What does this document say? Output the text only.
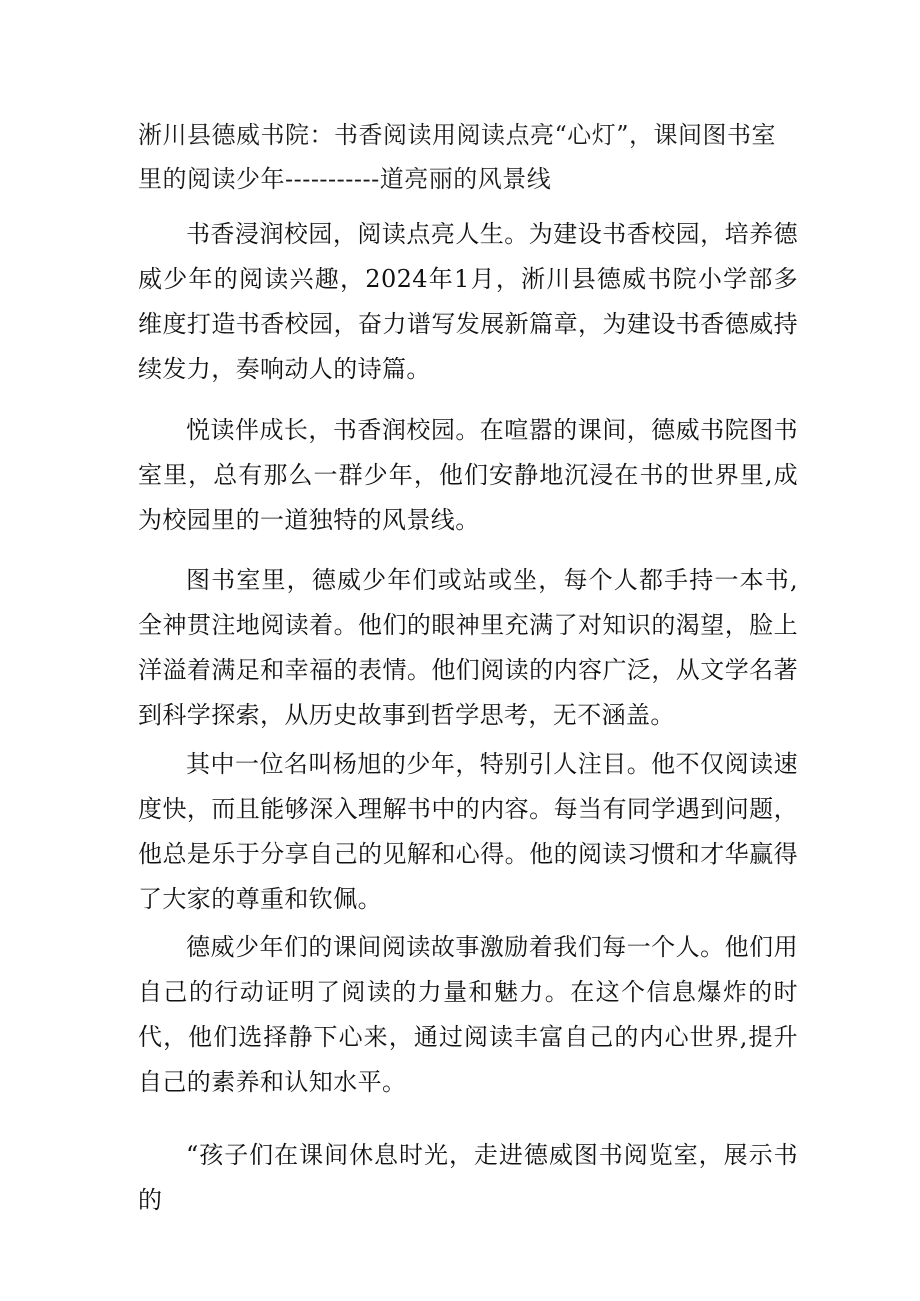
淅川县德威书院：书香阅读用阅读点亮“心灯”，课间图书室里的阅读少年-----------道亮丽的风景线

书香浸润校园，阅读点亮人生。为建设书香校园，培养德威少年的阅读兴趣，2024年1月，淅川县德威书院小学部多维度打造书香校园，奋力谱写发展新篇章，为建设书香德威持续发力，奏响动人的诗篇。

悦读伴成长，书香润校园。在喧嚣的课间，德威书院图书室里，总有那么一群少年，他们安静地沉浸在书的世界里,成为校园里的一道独特的风景线。

图书室里，德威少年们或站或坐，每个人都手持一本书,全神贯注地阅读着。他们的眼神里充满了对知识的渴望，脸上洋溢着满足和幸福的表情。他们阅读的内容广泛，从文学名著到科学探索，从历史故事到哲学思考，无不涵盖。

其中一位名叫杨旭的少年，特别引人注目。他不仅阅读速度快，而且能够深入理解书中的内容。每当有同学遇到问题，他总是乐于分享自己的见解和心得。他的阅读习惯和才华赢得了大家的尊重和钦佩。

德威少年们的课间阅读故事激励着我们每一个人。他们用自己的行动证明了阅读的力量和魅力。在这个信息爆炸的时代，他们选择静下心来，通过阅读丰富自己的内心世界,提升自己的素养和认知水平。

“孩子们在课间休息时光，走进德威图书阅览室，展示书的
